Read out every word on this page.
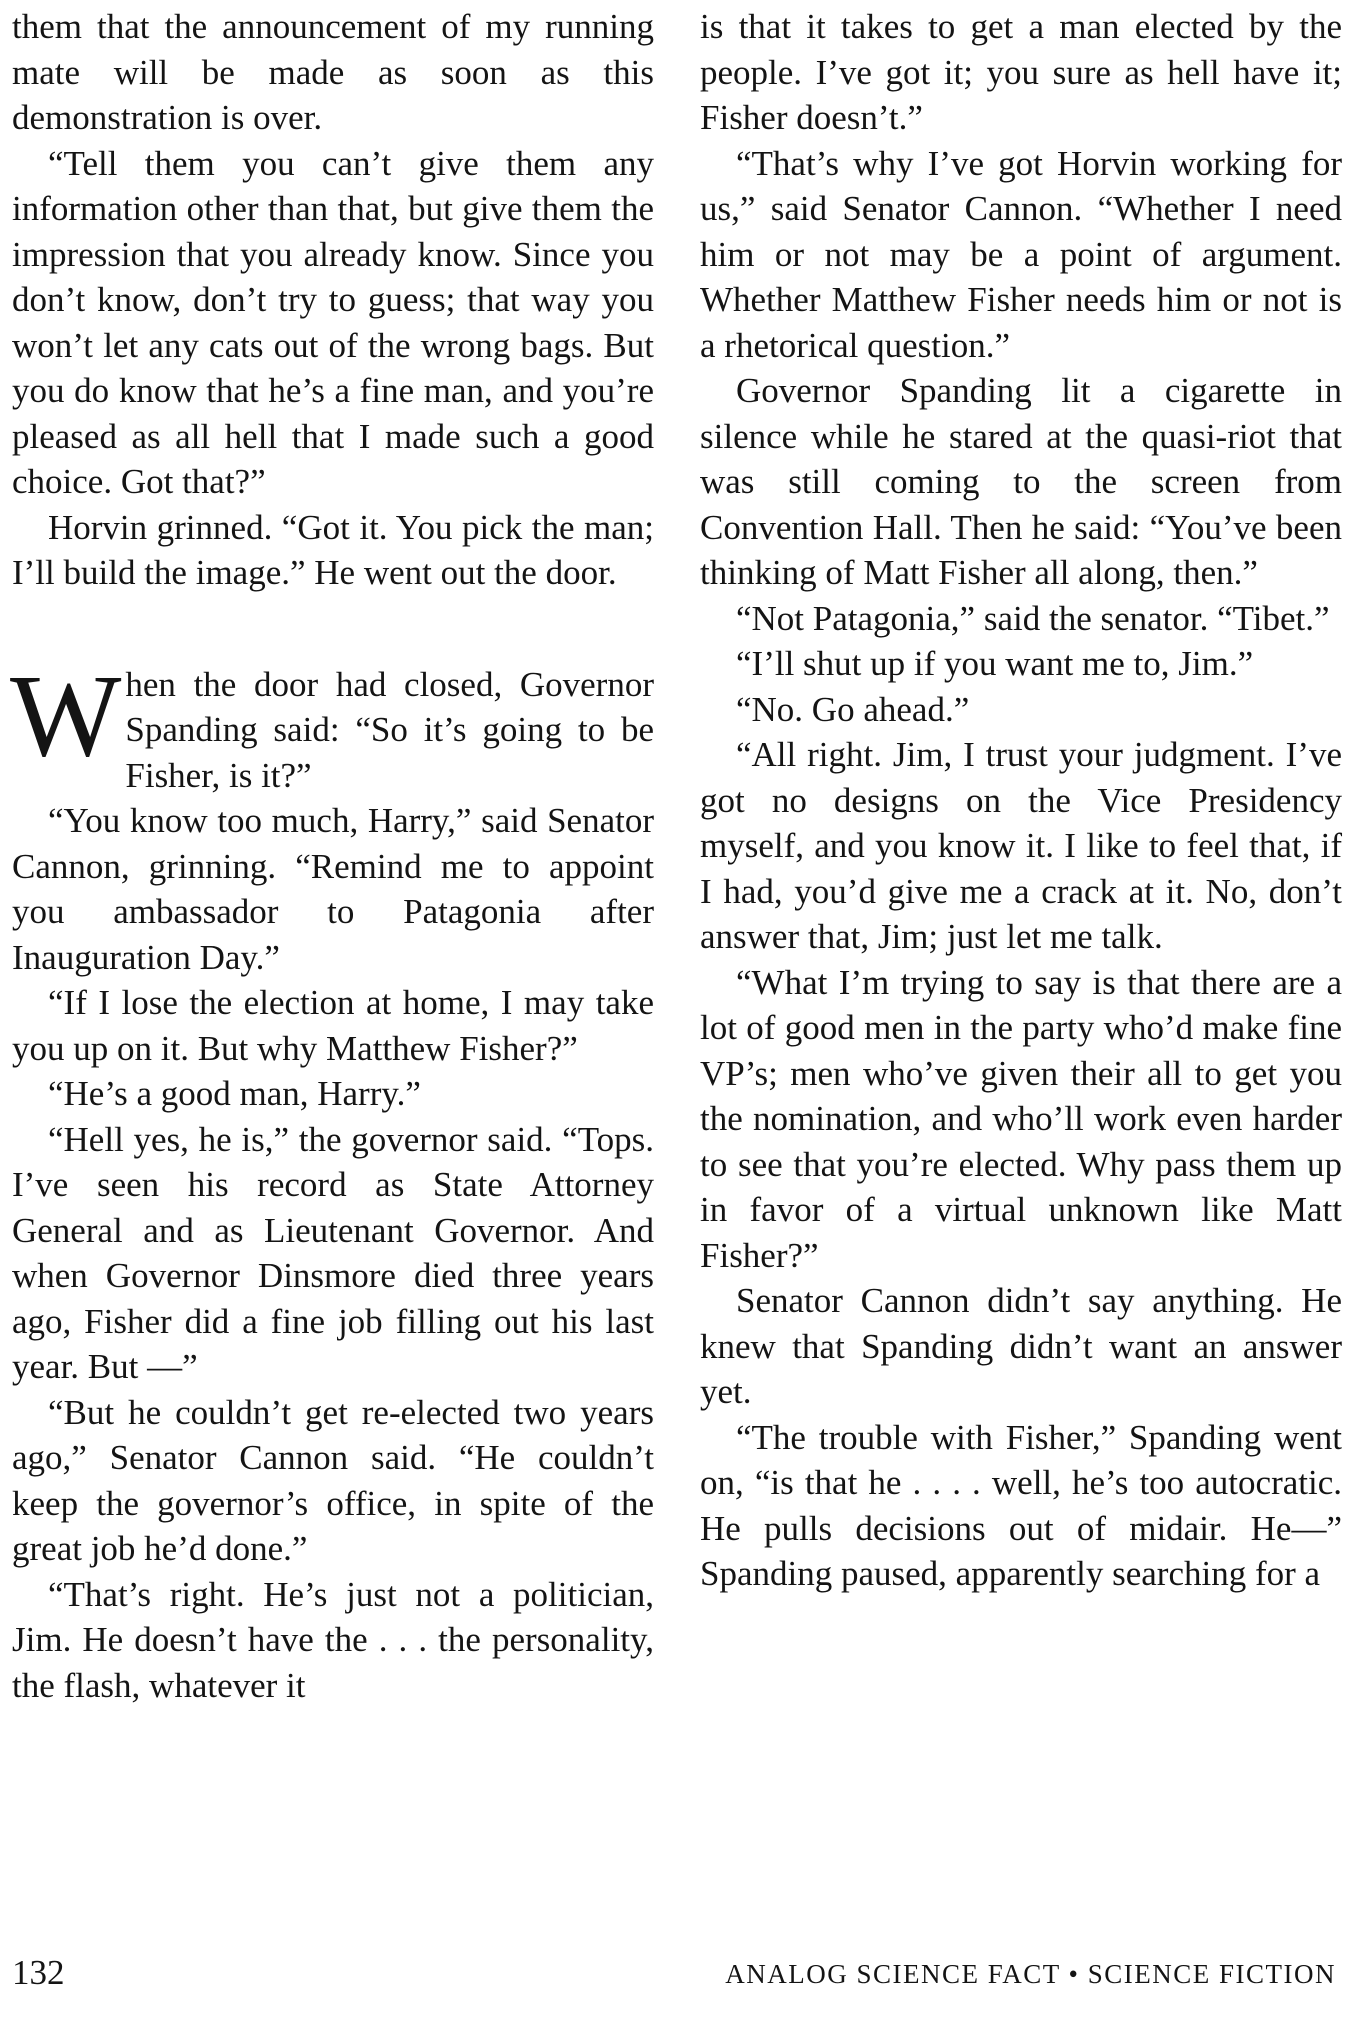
them that the announcement of my running mate will be made as soon as this demonstration is over.

“Tell them you can’t give them any information other than that, but give them the impression that you already know. Since you don’t know, don’t try to guess; that way you won’t let any cats out of the wrong bags. But you do know that he’s a fine man, and you’re pleased as all hell that I made such a good choice. Got that?”

Horvin grinned. “Got it. You pick the man; I’ll build the image.” He went out the door.

When the door had closed, Governor Spanding said: “So it’s going to be Fisher, is it?”

“You know too much, Harry,” said Senator Cannon, grinning. “Remind me to appoint you ambassador to Patagonia after Inauguration Day.”

“If I lose the election at home, I may take you up on it. But why Matthew Fisher?”

“He’s a good man, Harry.”

“Hell yes, he is,” the governor said. “Tops. I’ve seen his record as State Attorney General and as Lieutenant Governor. And when Governor Dinsmore died three years ago, Fisher did a fine job filling out his last year. But —”

“But he couldn’t get re-elected two years ago,” Senator Cannon said. “He couldn’t keep the governor’s office, in spite of the great job he’d done.”

“That’s right. He’s just not a politician, Jim. He doesn’t have the . . . the personality, the flash, whatever it

is that it takes to get a man elected by the people. I’ve got it; you sure as hell have it; Fisher doesn’t.”

“That’s why I’ve got Horvin working for us,” said Senator Cannon. “Whether I need him or not may be a point of argument. Whether Matthew Fisher needs him or not is a rhetorical question.”

Governor Spanding lit a cigarette in silence while he stared at the quasi-riot that was still coming to the screen from Convention Hall. Then he said: “You’ve been thinking of Matt Fisher all along, then.”

“Not Patagonia,” said the senator. “Tibet.”

“I’ll shut up if you want me to, Jim.”

“No. Go ahead.”

“All right. Jim, I trust your judgment. I’ve got no designs on the Vice Presidency myself, and you know it. I like to feel that, if I had, you’d give me a crack at it. No, don’t answer that, Jim; just let me talk.

“What I’m trying to say is that there are a lot of good men in the party who’d make fine VP’s; men who’ve given their all to get you the nomination, and who’ll work even harder to see that you’re elected. Why pass them up in favor of a virtual unknown like Matt Fisher?”

Senator Cannon didn’t say anything. He knew that Spanding didn’t want an answer yet.

“The trouble with Fisher,” Spanding went on, “is that he . . . . well, he’s too autocratic. He pulls decisions out of midair. He—” Spanding paused, apparently searching for a

132	ANALOG SCIENCE FACT • SCIENCE FICTION
